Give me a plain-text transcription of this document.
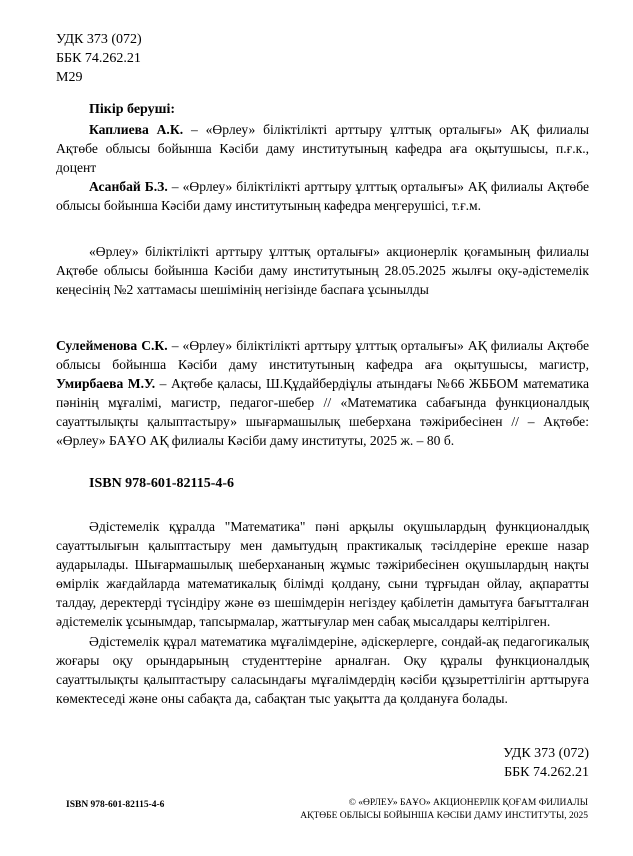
УДК 373 (072)
ББК 74.262.21
М29
Пікір беруші:
Каплиева А.К. – «Өрлеу» біліктілікті арттыру ұлттық орталығы» АҚ филиалы Ақтөбе облысы бойынша Кәсіби даму институтының кафедра аға оқытушысы, п.ғ.к., доцент
Асанбай Б.З. – «Өрлеу» біліктілікті арттыру ұлттық орталығы» АҚ филиалы Ақтөбе облысы бойынша Кәсіби даму институтының кафедра меңгерушісі, т.ғ.м.
«Өрлеу» біліктілікті арттыру ұлттық орталығы» акционерлік қоғамының филиалы Ақтөбе облысы бойынша Кәсіби даму институтының 28.05.2025 жылғы оқу-әдістемелік кеңесінің №2 хаттамасы шешімінің негізінде баспаға ұсынылды
Сулейменова С.К. – «Өрлеу» біліктілікті арттыру ұлттық орталығы» АҚ филиалы Ақтөбе облысы бойынша Кәсіби даму институтының кафедра аға оқытушысы, магистр, Умирбаева М.У. – Ақтөбе қаласы, Ш.Құдайбердіұлы атындағы №66 ЖББОМ математика пәнінің мұғалімі, магистр, педагог-шебер // «Математика сабағында функционалдық сауаттылықты қалыптастыру» шығармашылық шеберхана тәжірибесінен // – Ақтөбе: «Өрлеу» БАҰО АҚ филиалы Кәсіби даму институты, 2025 ж. – 80 б.
ISBN 978-601-82115-4-6
Әдістемелік құралда "Математика" пәні арқылы оқушылардың функционалдық сауаттылығын қалыптастыру мен дамытудың практикалық тәсілдеріне ерекше назар аударылады. Шығармашылық шеберхананың жұмыс тәжірибесінен оқушылардың нақты өмірлік жағдайларда математикалық білімді қолдану, сыни тұрғыдан ойлау, ақпаратты талдау, деректерді түсіндіру және өз шешімдерін негіздеу қабілетін дамытуға бағытталған әдістемелік ұсынымдар, тапсырмалар, жаттығулар мен сабақ мысалдары келтірілген.
Әдістемелік құрал математика мұғалімдеріне, әдіскерлерге, сондай-ақ педагогикалық жоғары оқу орындарының студенттеріне арналған. Оқу құралы функционалдық сауаттылықты қалыптастыру саласындағы мұғалімдердің кәсіби құзыреттілігін арттыруға көмектеседі және оны сабақта да, сабақтан тыс уақытта да қолдануға болады.
УДК 373 (072)
ББК 74.262.21
ISBN 978-601-82115-4-6	© «ӨРЛЕУ» БАҰО» АКЦИОНЕРЛІК ҚОҒАМ ФИЛИАЛЫ
АҚТӨБЕ ОБЛЫСЫ БОЙЫНША КӘСІБИ ДАМУ ИНСТИТУТЫ, 2025
